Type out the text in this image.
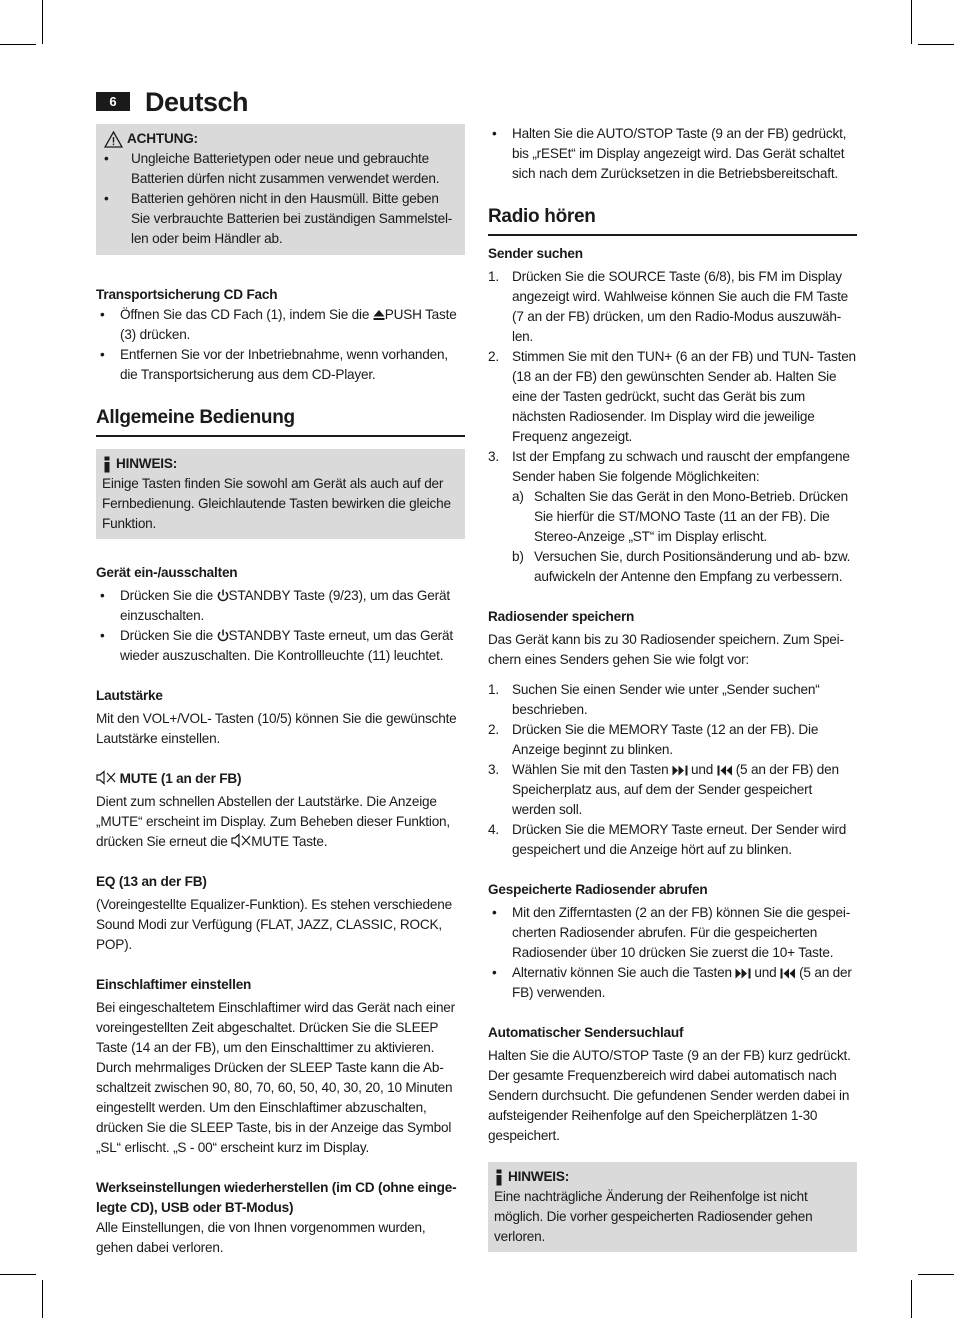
6	Deutsch
ACHTUNG:
• Ungleiche Batterietypen oder neue und gebrauchte Batterien dürfen nicht zusammen verwendet werden.
• Batterien gehören nicht in den Hausmüll. Bitte geben Sie verbrauchte Batterien bei zuständigen Sammelstellen oder beim Händler ab.

Transportsicherung CD Fach

• Öffnen Sie das CD Fach (1), indem Sie die PUSH Taste (3) drücken.
• Entfernen Sie vor der Inbetriebnahme, wenn vorhanden, die Transportsicherung aus dem CD-Player.
Allgemeine Bedienung
HINWEIS:

Einige Tasten finden Sie sowohl am Gerät als auch auf der Fernbedienung. Gleichlautende Tasten bewirken die gleiche Funktion.

Gerät ein-/ausschalten

• Drücken Sie die STANDBY Taste (9/23), um das Gerät einzuschalten.
• Drücken Sie die STANDBY Taste erneut, um das Gerät wieder auszuschalten. Die Kontrollleuchte (11) leuchtet.

Lautstärke

Mit den VOL+/VOL- Tasten (10/5) können Sie die gewünschte Lautstärke einstellen.

MUTE (1 an der FB)

Dient zum schnellen Abstellen der Lautstärke. Die Anzeige „MUTE“ erscheint im Display. Zum Beheben dieser Funktion, drücken Sie erneut die MUTE Taste.

EQ (13 an der FB)

(Voreingestellte Equalizer-Funktion). Es stehen verschiedene Sound Modi zur Verfügung (FLAT, JAZZ, CLASSIC, ROCK, POP).

Einschlaftimer einstellen

Bei eingeschaltetem Einschlaftimer wird das Gerät nach einer voreingestellten Zeit abgeschaltet. Drücken Sie die SLEEP Taste (14 an der FB), um den Einschalttimer zu aktivieren. Durch mehrmaliges Drücken der SLEEP Taste kann die Abschaltzeit zwischen 90, 80, 70, 60, 50, 40, 30, 20, 10 Minuten eingestellt werden. Um den Einschlaftimer abzuschalten, drücken Sie die SLEEP Taste, bis in der Anzeige das Symbol „SL“ erlischt. „S - 00“ erscheint kurz im Display.

Werkseinstellungen wiederherstellen (im CD (ohne eingelegte CD), USB oder BT-Modus)

Alle Einstellungen, die von Ihnen vorgenommen wurden, gehen dabei verloren.

• Halten Sie die AUTO/STOP Taste (9 an der FB) gedrückt, bis „rESEt“ im Display angezeigt wird. Das Gerät schaltet sich nach dem Zurücksetzen in die Betriebsbereitschaft.
Radio hören

Sender suchen

1. Drücken Sie die SOURCE Taste (6/8), bis FM im Display angezeigt wird. Wahlweise können Sie auch die FM Taste (7 an der FB) drücken, um den Radio-Modus auszuwählen.
2. Stimmen Sie mit den TUN+ (6 an der FB) und TUN- Tasten (18 an der FB) den gewünschten Sender ab. Halten Sie eine der Tasten gedrückt, sucht das Gerät bis zum nächsten Radiosender. Im Display wird die jeweilige Frequenz angezeigt.
3. Ist der Empfang zu schwach und rauscht der empfangene Sender haben Sie folgende Möglichkeiten:
a) Schalten Sie das Gerät in den Mono-Betrieb. Drücken Sie hierfür die ST/MONO Taste (11 an der FB). Die Stereo-Anzeige „ST“ im Display erlischt.
b) Versuchen Sie, durch Positionsänderung und ab- bzw. aufwickeln der Antenne den Empfang zu verbessern.

Radiosender speichern

Das Gerät kann bis zu 30 Radiosender speichern. Zum Speichern eines Senders gehen Sie wie folgt vor:

1. Suchen Sie einen Sender wie unter „Sender suchen“ beschrieben.
2. Drücken Sie die MEMORY Taste (12 an der FB). Die Anzeige beginnt zu blinken.
3. Wählen Sie mit den Tasten und (5 an der FB) den Speicherplatz aus, auf dem der Sender gespeichert werden soll.
4. Drücken Sie die MEMORY Taste erneut. Der Sender wird gespeichert und die Anzeige hört auf zu blinken.

Gespeicherte Radiosender abrufen

• Mit den Zifferntasten (2 an der FB) können Sie die gespeicherten Radiosender abrufen. Für die gespeicherten Radiosender über 10 drücken Sie zuerst die 10+ Taste.
• Alternativ können Sie auch die Tasten und (5 an der FB) verwenden.

Automatischer Sendersuchlauf

Halten Sie die AUTO/STOP Taste (9 an der FB) kurz gedrückt. Der gesamte Frequenzbereich wird dabei automatisch nach Sendern durchsucht. Die gefundenen Sender werden dabei in aufsteigender Reihenfolge auf den Speicherplätzen 1-30 gespeichert.

HINWEIS:

Eine nachträgliche Änderung der Reihenfolge ist nicht möglich. Die vorher gespeicherten Radiosender gehen verloren.
